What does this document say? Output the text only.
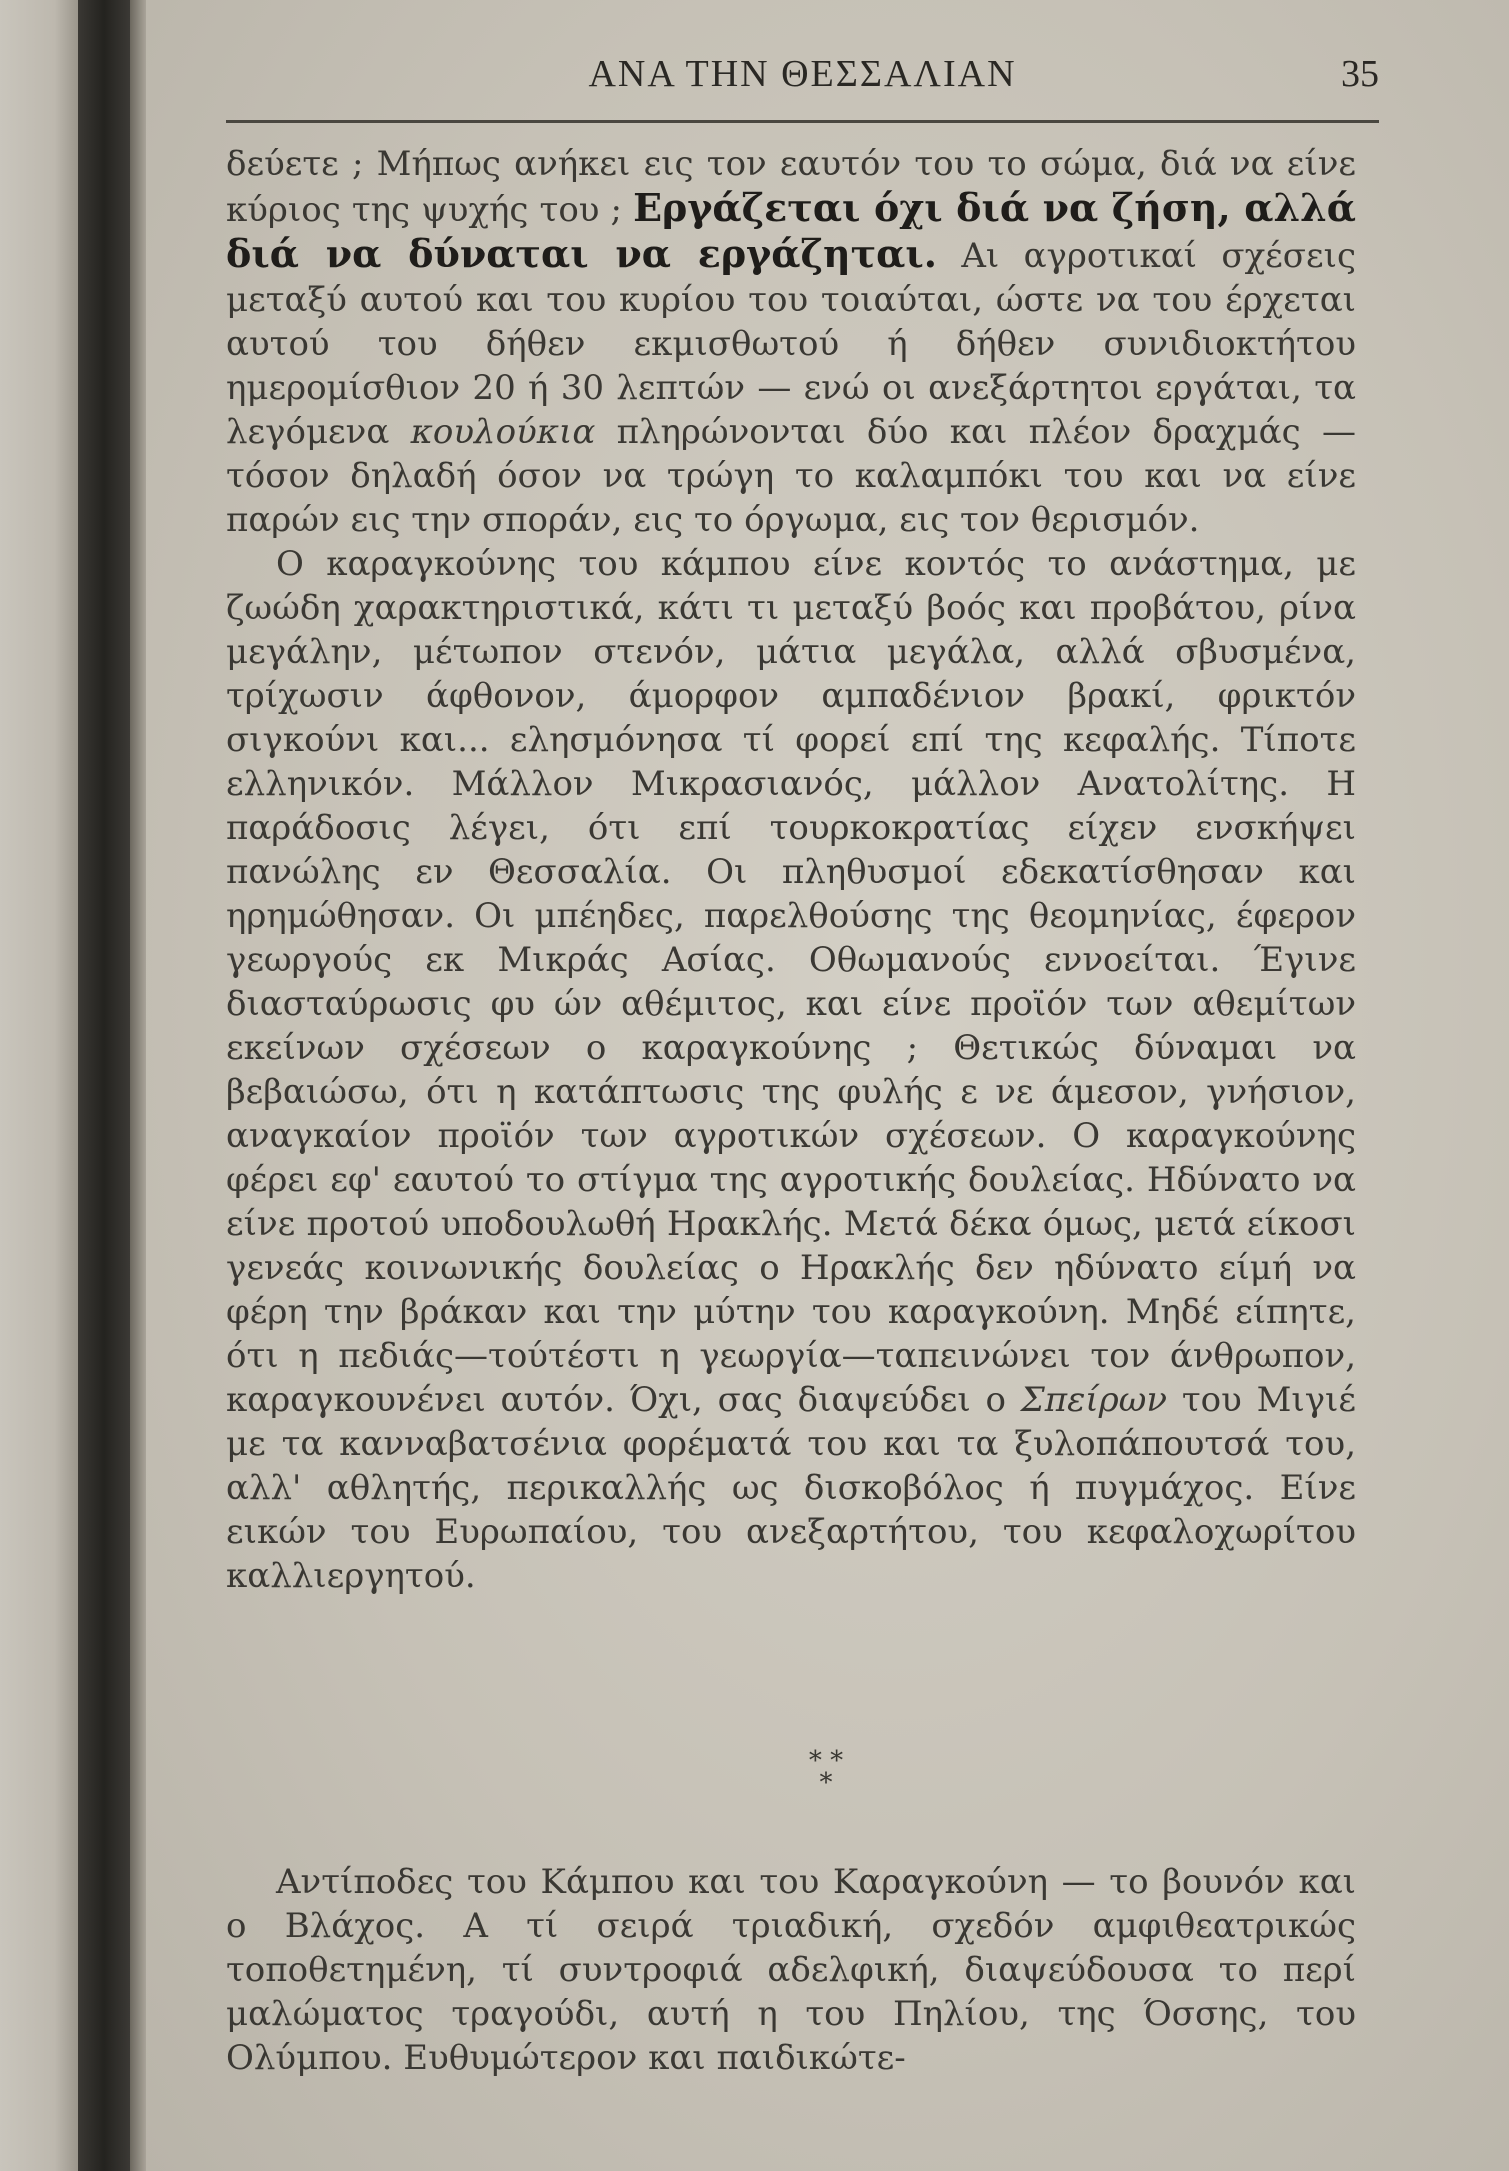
ΑΝΑ ΤΗΝ ΘΕΣΣΑΛΙΑΝ	35

δεύετε ; Μήπως ανήκει εις τον εαυτόν του το σώμα, διά να είνε κύριος της ψυχής του ; Εργάζεται όχι διά να ζήση, αλλά διά να δύναται να εργάζηται. Αι αγροτικαί σχέσεις μεταξύ αυτού και του κυρίου του τοιαύται, ώστε να του έρχεται αυτού του δήθεν εκμισθωτού ή δήθεν συνιδιοκτήτου ημερομίσθιον 20 ή 30 λεπτών — ενώ οι ανεξάρτητοι εργάται, τα λεγόμενα κουλούκια πληρώνονται δύο και πλέον δραχμάς — τόσον δηλαδή όσον να τρώγη το καλαμπόκι του και να είνε παρών εις την σποράν, εις το όργωμα, εις τον θερισμόν.

Ο καραγκούνης του κάμπου είνε κοντός το ανάστημα, με ζωώδη χαρακτηριστικά, κάτι τι μεταξύ βοός και προβάτου, ρίνα μεγάλην, μέτωπον στενόν, μάτια μεγάλα, αλλά σβυσμένα, τρίχωσιν άφθονον, άμορφον αμπαδένιον βρακί, φρικτόν σιγκούνι και... ελησμόνησα τί φορεί επί της κεφαλής. Τίποτε ελληνικόν. Μάλλον Μικρασιανός, μάλλον Ανατολίτης. Η παράδοσις λέγει, ότι επί τουρκοκρατίας είχεν ενσκήψει πανώλης εν Θεσσαλία. Οι πληθυσμοί εδεκατίσθησαν και ηρημώθησαν. Οι μπέηδες, παρελθούσης της θεομηνίας, έφερον γεωργούς εκ Μικράς Ασίας. Οθωμανούς εννοείται. Έγινε διασταύρωσις φυ ών αθέμιτος, και είνε προϊόν των αθεμίτων εκείνων σχέσεων ο καραγκούνης ; Θετικώς δύναμαι να βεβαιώσω, ότι η κατάπτωσις της φυλής ε νε άμεσον, γνήσιον, αναγκαίον προϊόν των αγροτικών σχέσεων. Ο καραγκούνης φέρει εφ' εαυτού το στίγμα της αγροτικής δουλείας. Ηδύνατο να είνε προτού υποδουλωθή Ηρακλής. Μετά δέκα όμως, μετά είκοσι γενεάς κοινωνικής δουλείας ο Ηρακλής δεν ηδύνατο είμή να φέρη την βράκαν και την μύτην του καραγκούνη. Μηδέ είπητε, ότι η πεδιάς—τούτέστι η γεωργία—ταπεινώνει τον άνθρωπον, καραγκουνένει αυτόν. Όχι, σας διαψεύδει ο Σπείρων του Μιγιέ με τα κανναβατσένια φορέματά του και τα ξυλοπάπουτσά του, αλλ' αθλητής, περικαλλής ως δισκοβόλος ή πυγμάχος. Είνε εικών του Ευρωπαίου, του ανεξαρτήτου, του κεφαλοχωρίτου καλλιεργητού.

* *
*

Αντίποδες του Κάμπου και του Καραγκούνη — το βουνόν και ο Βλάχος. Α τί σειρά τριαδική, σχεδόν αμφιθεατρικώς τοποθετημένη, τί συντροφιά αδελφική, διαψεύδουσα το περί μαλώματος τραγούδι, αυτή η του Πηλίου, της Όσσης, του Ολύμπου. Ευθυμώτερον και παιδικώτε-
